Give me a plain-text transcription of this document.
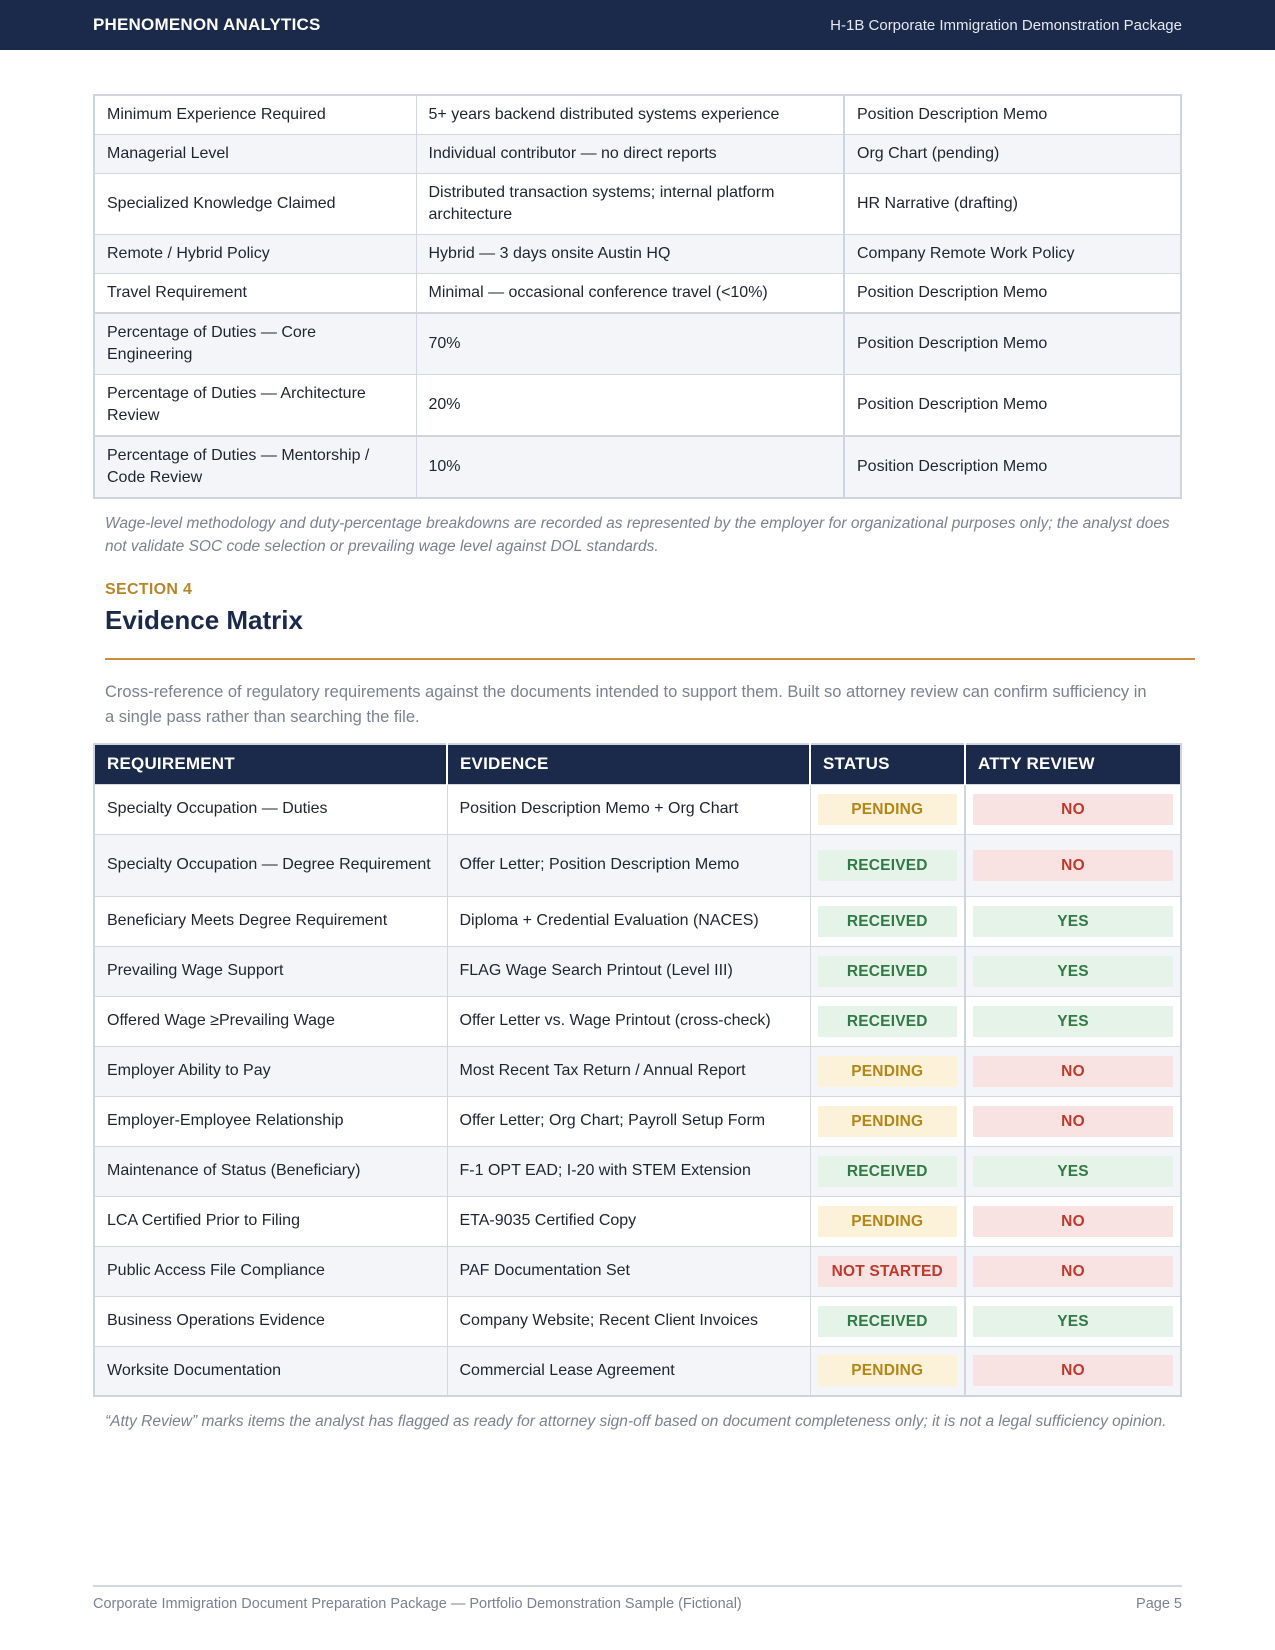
PHENOMENON ANALYTICS	H-1B Corporate Immigration Demonstration Package
Minimum Experience Required	5+ years backend distributed systems experience	Position Description Memo
Managerial Level	Individual contributor — no direct reports	Org Chart (pending)
Specialized Knowledge Claimed	Distributed transaction systems; internal platform architecture	HR Narrative (drafting)
Remote / Hybrid Policy	Hybrid — 3 days onsite Austin HQ	Company Remote Work Policy
Travel Requirement	Minimal — occasional conference travel (<10%)	Position Description Memo
Percentage of Duties — Core Engineering	70%	Position Description Memo
Percentage of Duties — Architecture Review	20%	Position Description Memo
Percentage of Duties — Mentorship / Code Review	10%	Position Description Memo

Wage-level methodology and duty-percentage breakdowns are recorded as represented by the employer for organizational purposes only; the analyst does not validate SOC code selection or prevailing wage level against DOL standards.

SECTION 4
Evidence Matrix

Cross-reference of regulatory requirements against the documents intended to support them. Built so attorney review can confirm sufficiency in a single pass rather than searching the file.

REQUIREMENT	EVIDENCE	STATUS	ATTY REVIEW
Specialty Occupation — Duties	Position Description Memo + Org Chart	PENDING	NO

Specialty Occupation — Degree Requirement	Offer Letter; Position Description Memo	RECEIVED	NO

Beneficiary Meets Degree Requirement	Diploma + Credential Evaluation (NACES)	RECEIVED	YES

Prevailing Wage Support	FLAG Wage Search Printout (Level III)	RECEIVED	YES

Offered Wage ≥Prevailing Wage	Offer Letter vs. Wage Printout (cross-check)	RECEIVED	YES

Employer Ability to Pay	Most Recent Tax Return / Annual Report	PENDING	NO

Employer-Employee Relationship	Offer Letter; Org Chart; Payroll Setup Form	PENDING	NO

Maintenance of Status (Beneficiary)	F-1 OPT EAD; I-20 with STEM Extension	RECEIVED	YES

LCA Certified Prior to Filing	ETA-9035 Certified Copy	PENDING	NO

Public Access File Compliance	PAF Documentation Set	NOT STARTED	NO

Business Operations Evidence	Company Website; Recent Client Invoices	RECEIVED	YES

Worksite Documentation	Commercial Lease Agreement	PENDING	NO

“Atty Review” marks items the analyst has flagged as ready for attorney sign-off based on document completeness only; it is not a legal sufficiency opinion.

Corporate Immigration Document Preparation Package — Portfolio Demonstration Sample (Fictional)	Page 5
